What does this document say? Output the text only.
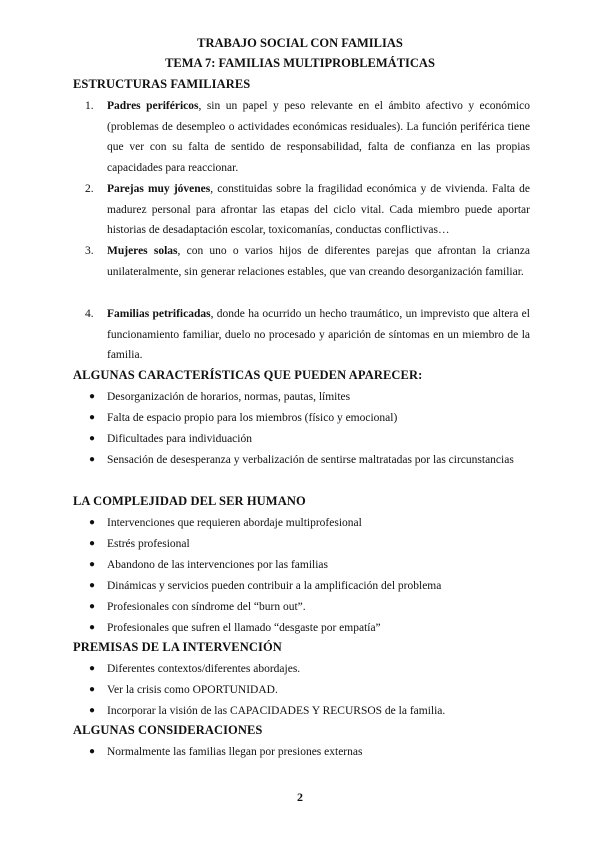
TRABAJO SOCIAL CON FAMILIAS
TEMA 7: FAMILIAS MULTIPROBLEMÁTICAS
ESTRUCTURAS FAMILIARES
1. Padres periféricos, sin un papel y peso relevante en el ámbito afectivo y económico (problemas de desempleo o actividades económicas residuales). La función periférica tiene que ver con su falta de sentido de responsabilidad, falta de confianza en las propias capacidades para reaccionar.
2. Parejas muy jóvenes, constituidas sobre la fragilidad económica y de vivienda. Falta de madurez personal para afrontar las etapas del ciclo vital. Cada miembro puede aportar historias de desadaptación escolar, toxicomanías, conductas conflictivas…
3. Mujeres solas, con uno o varios hijos de diferentes parejas que afrontan la crianza unilateralmente, sin generar relaciones estables, que van creando desorganización familiar.
4. Familias petrificadas, donde ha ocurrido un hecho traumático, un imprevisto que altera el funcionamiento familiar, duelo no procesado y aparición de síntomas en un miembro de la familia.
ALGUNAS CARACTERÍSTICAS QUE PUEDEN APARECER:
● Desorganización de horarios, normas, pautas, límites
● Falta de espacio propio para los miembros (físico y emocional)
● Dificultades para individuación
● Sensación de desesperanza y verbalización de sentirse maltratadas por las circunstancias
LA COMPLEJIDAD DEL SER HUMANO
● Intervenciones que requieren abordaje multiprofesional
● Estrés profesional
● Abandono de las intervenciones por las familias
● Dinámicas y servicios pueden contribuir a la amplificación del problema
● Profesionales con síndrome del “burn out”.
● Profesionales que sufren el llamado “desgaste por empatía”
PREMISAS DE LA INTERVENCIÓN
● Diferentes contextos/diferentes abordajes.
● Ver la crisis como OPORTUNIDAD.
● Incorporar la visión de las CAPACIDADES Y RECURSOS de la familia.
ALGUNAS CONSIDERACIONES
● Normalmente las familias llegan por presiones externas
2
